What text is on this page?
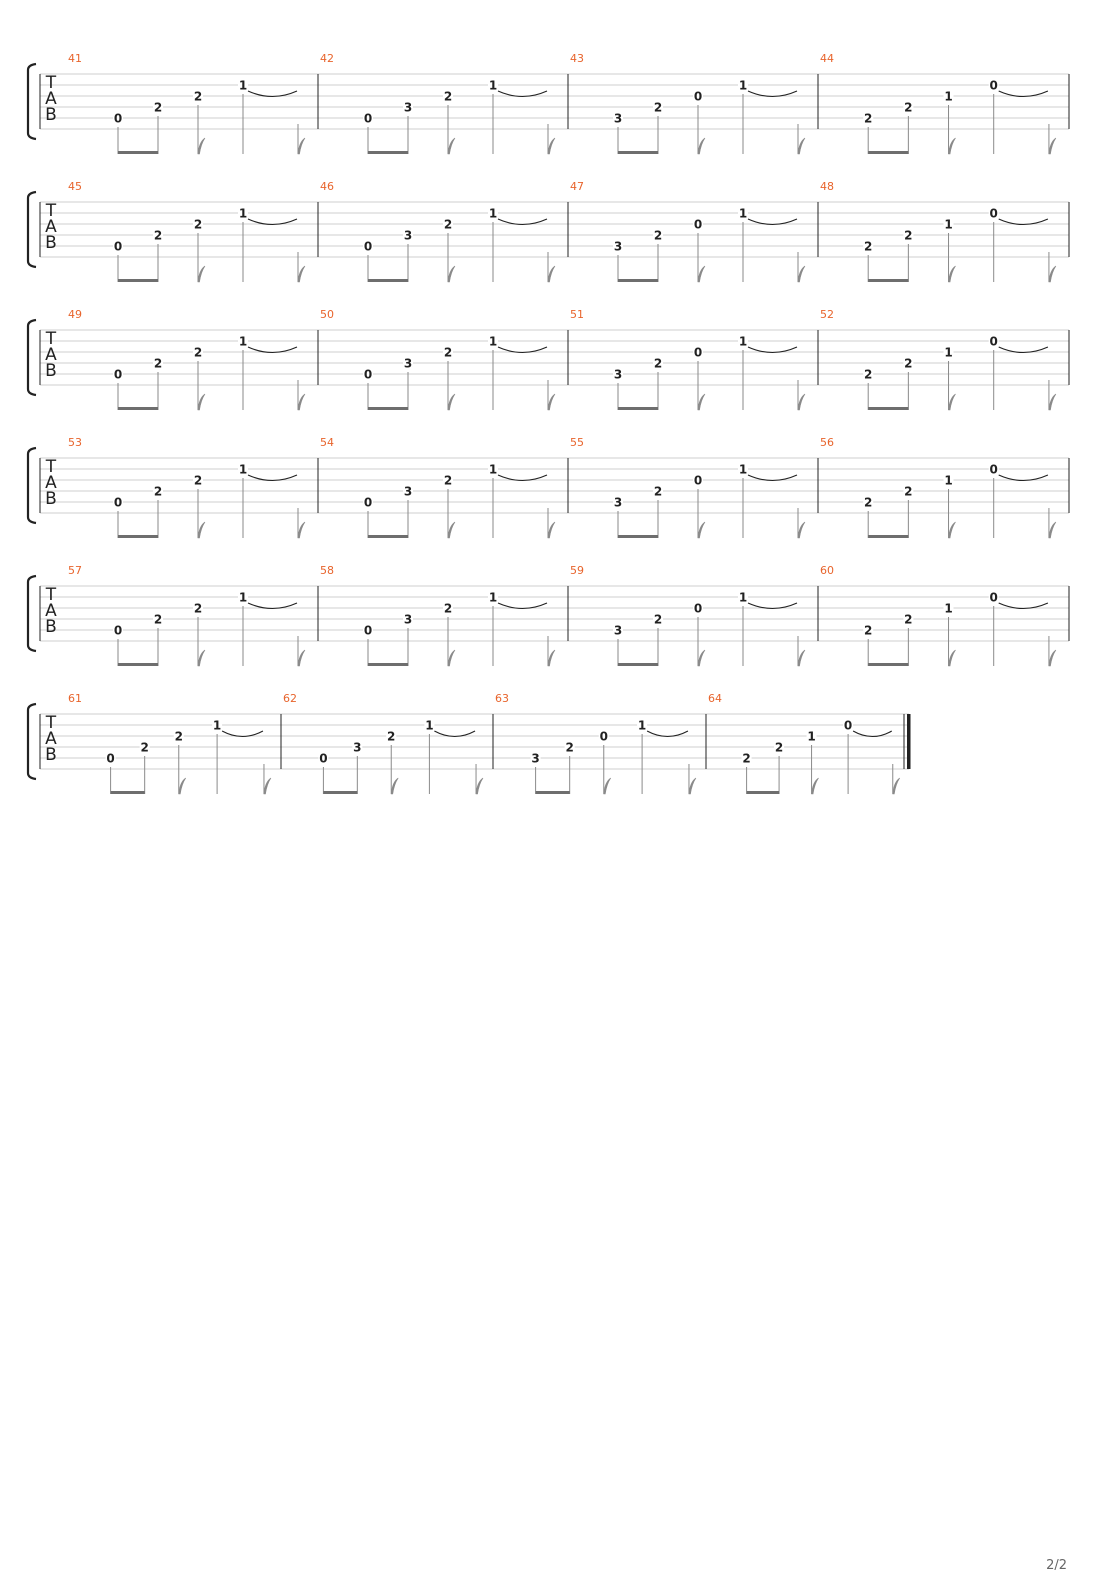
T
A
B
41
0
2
2
1
42
0
3
2
1
43
3
2
0
1
44
2
2
1
0
T
A
B
45
0
2
2
1
46
0
3
2
1
47
3
2
0
1
48
2
2
1
0
T
A
B
49
0
2
2
1
50
0
3
2
1
51
3
2
0
1
52
2
2
1
0
T
A
B
53
0
2
2
1
54
0
3
2
1
55
3
2
0
1
56
2
2
1
0
T
A
B
57
0
2
2
1
58
0
3
2
1
59
3
2
0
1
60
2
2
1
0
T
A
B
61
0
2
2
1
62
0
3
2
1
63
3
2
0
1
64
2
2
1
0
2/2
